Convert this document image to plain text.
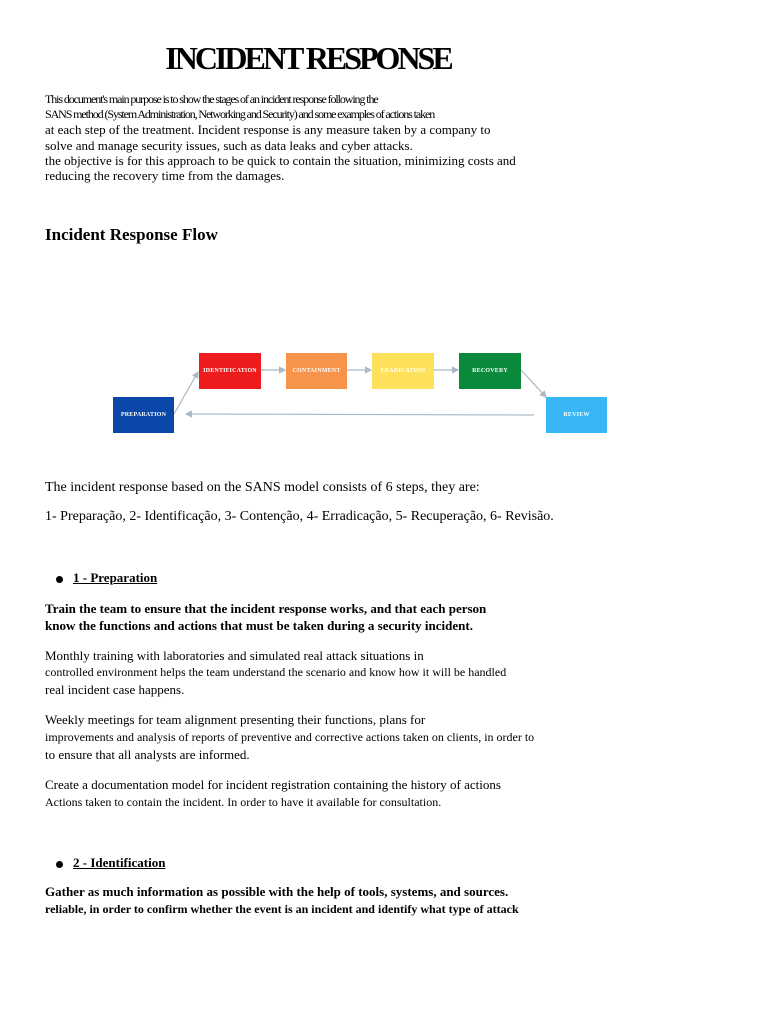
INCIDENT RESPONSE
This document's main purpose is to show the stages of an incident response following the
SANS method (System Administration, Networking and Security) and some examples of actions taken
at each step of the treatment. Incident response is any measure taken by a company to
solve and manage security issues, such as data leaks and cyber attacks.
the objective is for this approach to be quick to contain the situation, minimizing costs and
reducing the recovery time from the damages.
Incident Response Flow
PREPARATION
IDENTIFICATION	CONTAINMENT	ERADICATION	RECOVERY
REVIEW
The incident response based on the SANS model consists of 6 steps, they are:
1- Preparação, 2- Identificação, 3- Contenção, 4- Erradicação, 5- Recuperação, 6- Revisão.
1 - Preparation
Train the team to ensure that the incident response works, and that each person
know the functions and actions that must be taken during a security incident.
Monthly training with laboratories and simulated real attack situations in
controlled environment helps the team understand the scenario and know how it will be handled
real incident case happens.
Weekly meetings for team alignment presenting their functions, plans for
improvements and analysis of reports of preventive and corrective actions taken on clients, in order to
to ensure that all analysts are informed.
Create a documentation model for incident registration containing the history of actions
Actions taken to contain the incident. In order to have it available for consultation.
2 - Identification
Gather as much information as possible with the help of tools, systems, and sources.
reliable, in order to confirm whether the event is an incident and identify what type of attack
